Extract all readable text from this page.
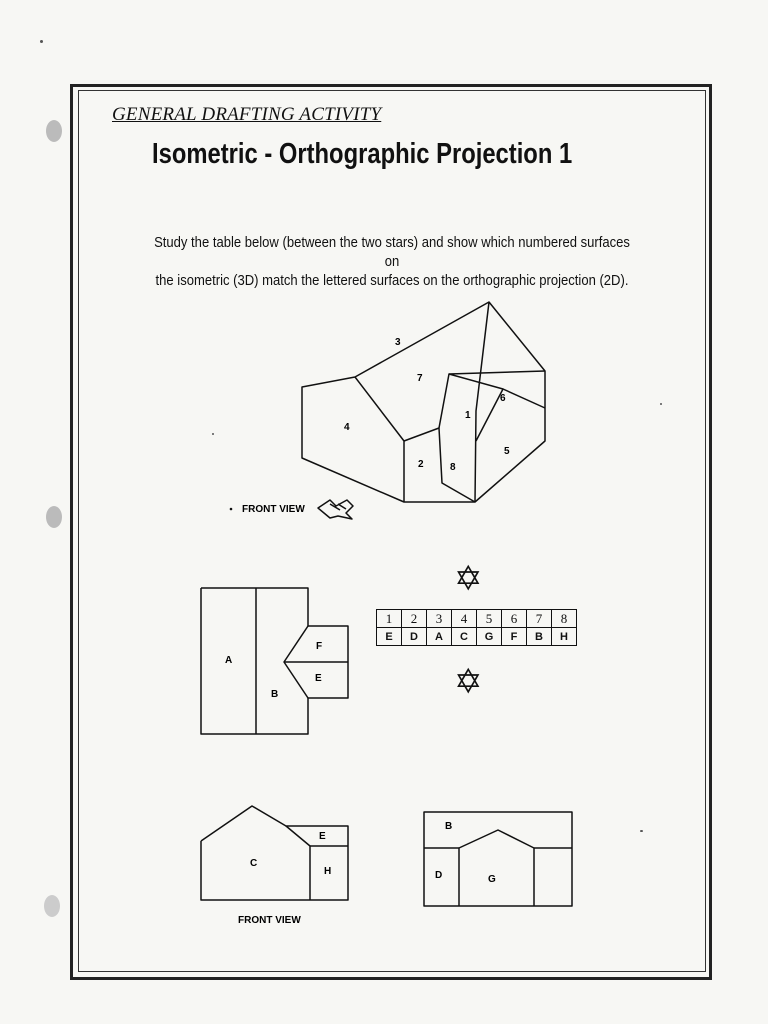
GENERAL DRAFTING ACTIVITY
Isometric - Orthographic Projection 1
Study the table below (between the two stars) and show which numbered surfaces on
the isometric (3D) match the lettered surfaces on the orthographic projection (2D).
3
7
6
1
4
5
2	8
FRONT VIEW
✡
✡
1	2	3	4	5	6	7	8
E	D	A	C	G	F	B	H
A
B
F
E
C
E
H
FRONT VIEW
B
D	G
